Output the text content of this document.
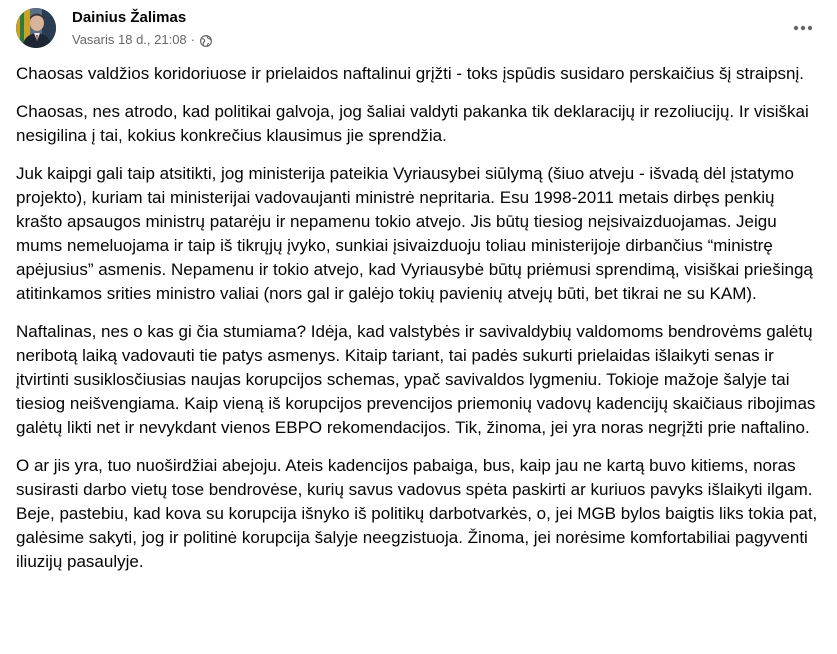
Dainius Žalimas
Vasaris 18 d., 21:08 ·

Chaosas valdžios koridoriuose ir prielaidos naftalinui grįžti - toks įspūdis susidaro perskaičius šį straipsnį.

Chaosas, nes atrodo, kad politikai galvoja, jog šaliai valdyti pakanka tik deklaracijų ir rezoliucijų. Ir visiškai nesigilina į tai, kokius konkrečius klausimus jie sprendžia.

Juk kaipgi gali taip atsitikti, jog ministerija pateikia Vyriausybei siūlymą (šiuo atveju - išvadą dėl įstatymo projekto), kuriam tai ministerijai vadovaujanti ministrė nepritaria. Esu 1998-2011 metais dirbęs penkių krašto apsaugos ministrų patarėju ir nepamenu tokio atvejo. Jis būtų tiesiog neįsivaizduojamas. Jeigu mums nemeluojama ir taip iš tikrųjų įvyko, sunkiai įsivaizduoju toliau ministerijoje dirbančius “ministrę apėjusius” asmenis. Nepamenu ir tokio atvejo, kad Vyriausybė būtų priėmusi sprendimą, visiškai priešingą atitinkamos srities ministro valiai (nors gal ir galėjo tokių pavienių atvejų būti, bet tikrai ne su KAM).

Naftalinas, nes o kas gi čia stumiama? Idėja, kad valstybės ir savivaldybių valdomoms bendrovėms galėtų neribotą laiką vadovauti tie patys asmenys. Kitaip tariant, tai padės sukurti prielaidas išlaikyti senas ir įtvirtinti susiklosčiusias naujas korupcijos schemas, ypač savivaldos lygmeniu. Tokioje mažoje šalyje tai tiesiog neišvengiama. Kaip vieną iš korupcijos prevencijos priemonių vadovų kadencijų skaičiaus ribojimas galėtų likti net ir nevykdant vienos EBPO rekomendacijos. Tik, žinoma, jei yra noras negrįžti prie naftalino.

O ar jis yra, tuo nuoširdžiai abejoju. Ateis kadencijos pabaiga, bus, kaip jau ne kartą buvo kitiems, noras susirasti darbo vietų tose bendrovėse, kurių savus vadovus spėta paskirti ar kuriuos pavyks išlaikyti ilgam. Beje, pastebiu, kad kova su korupcija išnyko iš politikų darbotvarkės, o, jei MGB bylos baigtis liks tokia pat, galėsime sakyti, jog ir politinė korupcija šalyje neegzistuoja. Žinoma, jei norėsime komfortabiliai pagyventi iliuzijų pasaulyje.
